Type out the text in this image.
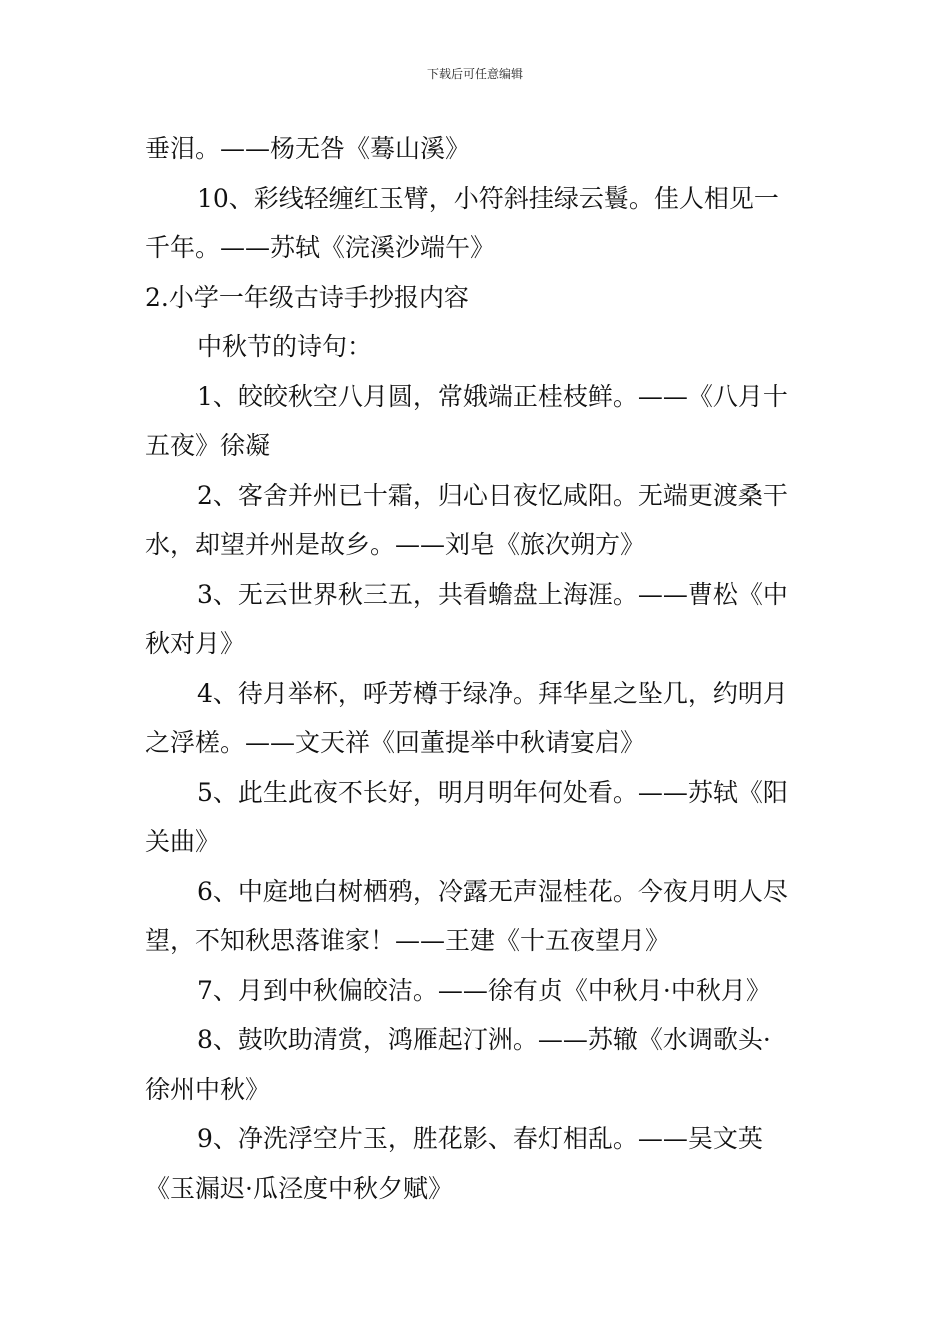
下载后可任意编辑
垂泪。——杨无咎《蓦山溪》
10、彩线轻缠红玉臂，小符斜挂绿云鬟。佳人相见一
千年。——苏轼《浣溪沙端午》
2.小学一年级古诗手抄报内容
中秋节的诗句：
1、皎皎秋空八月圆，常娥端正桂枝鲜。——《八月十
五夜》徐凝
2、客舍并州已十霜，归心日夜忆咸阳。无端更渡桑干
水，却望并州是故乡。——刘皂《旅次朔方》
3、无云世界秋三五，共看蟾盘上海涯。——曹松《中
秋对月》
4、待月举杯，呼芳樽于绿净。拜华星之坠几，约明月
之浮槎。——文天祥《回董提举中秋请宴启》
5、此生此夜不长好，明月明年何处看。——苏轼《阳
关曲》
6、中庭地白树栖鸦，冷露无声湿桂花。今夜月明人尽
望，不知秋思落谁家！——王建《十五夜望月》
7、月到中秋偏皎洁。——徐有贞《中秋月·中秋月》
8、鼓吹助清赏，鸿雁起汀洲。——苏辙《水调歌头·
徐州中秋》
9、净洗浮空片玉，胜花影、春灯相乱。——吴文英
《玉漏迟·瓜泾度中秋夕赋》
